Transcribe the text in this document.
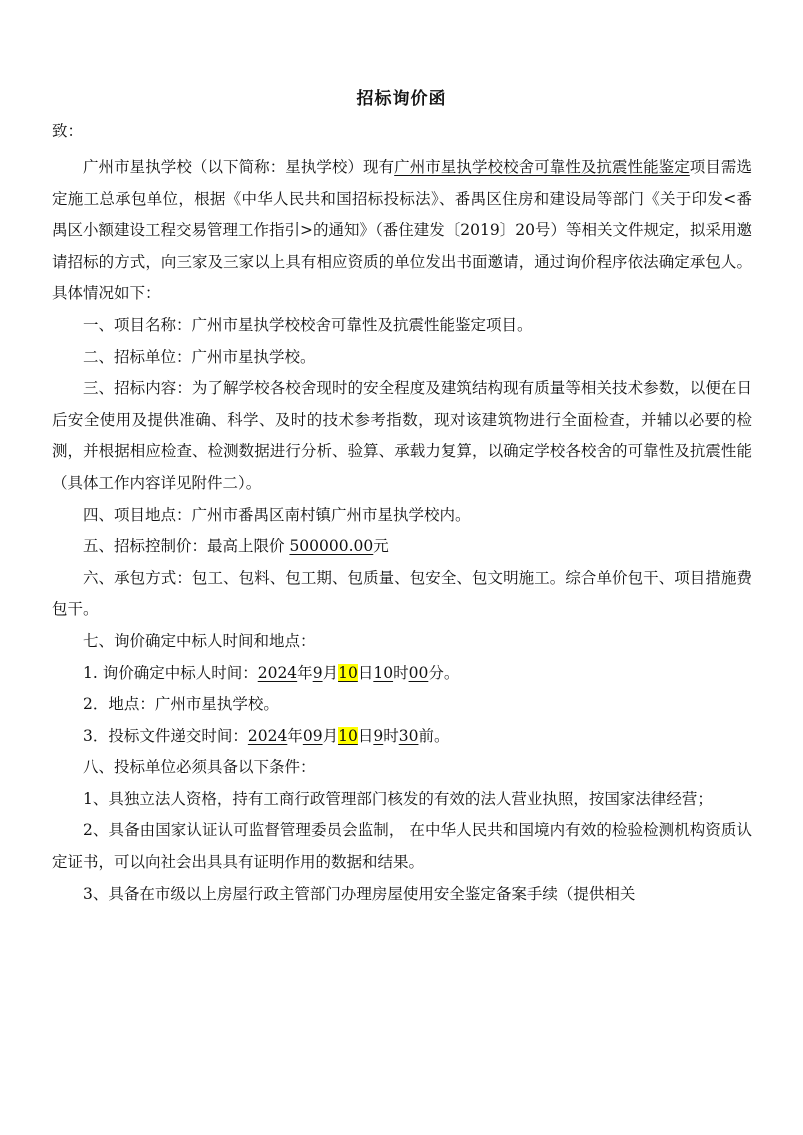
招标询价函
致：

广州市星执学校（以下简称：星执学校）现有广州市星执学校校舍可靠性及抗震性能鉴定项目需选定施工总承包单位，根据《中华人民共和国招标投标法》、番禺区住房和建设局等部门《关于印发<番禺区小额建设工程交易管理工作指引>的通知》（番住建发〔2019〕20号）等相关文件规定，拟采用邀请招标的方式，向三家及三家以上具有相应资质的单位发出书面邀请，通过询价程序依法确定承包人。具体情况如下：

一、项目名称：广州市星执学校校舍可靠性及抗震性能鉴定项目。

二、招标单位：广州市星执学校。

三、招标内容：为了解学校各校舍现时的安全程度及建筑结构现有质量等相关技术参数，以便在日后安全使用及提供准确、科学、及时的技术参考指数，现对该建筑物进行全面检查，并辅以必要的检测，并根据相应检查、检测数据进行分析、验算、承载力复算，以确定学校各校舍的可靠性及抗震性能（具体工作内容详见附件二）。

四、项目地点：广州市番禺区南村镇广州市星执学校内。

五、招标控制价：最高上限价 500000.00元

六、承包方式：包工、包料、包工期、包质量、包安全、包文明施工。综合单价包干、项目措施费包干。

七、询价确定中标人时间和地点：

1. 询价确定中标人时间：2024年9月10日10时00分。

2．地点：广州市星执学校。

3．投标文件递交时间：2024年09月10日9时30前。

八、投标单位必须具备以下条件：

1、具独立法人资格，持有工商行政管理部门核发的有效的法人营业执照，按国家法律经营；

2、具备由国家认证认可监督管理委员会监制， 在中华人民共和国境内有效的检验检测机构资质认定证书，可以向社会出具具有证明作用的数据和结果。

3、具备在市级以上房屋行政主管部门办理房屋使用安全鉴定备案手续（提供相关
